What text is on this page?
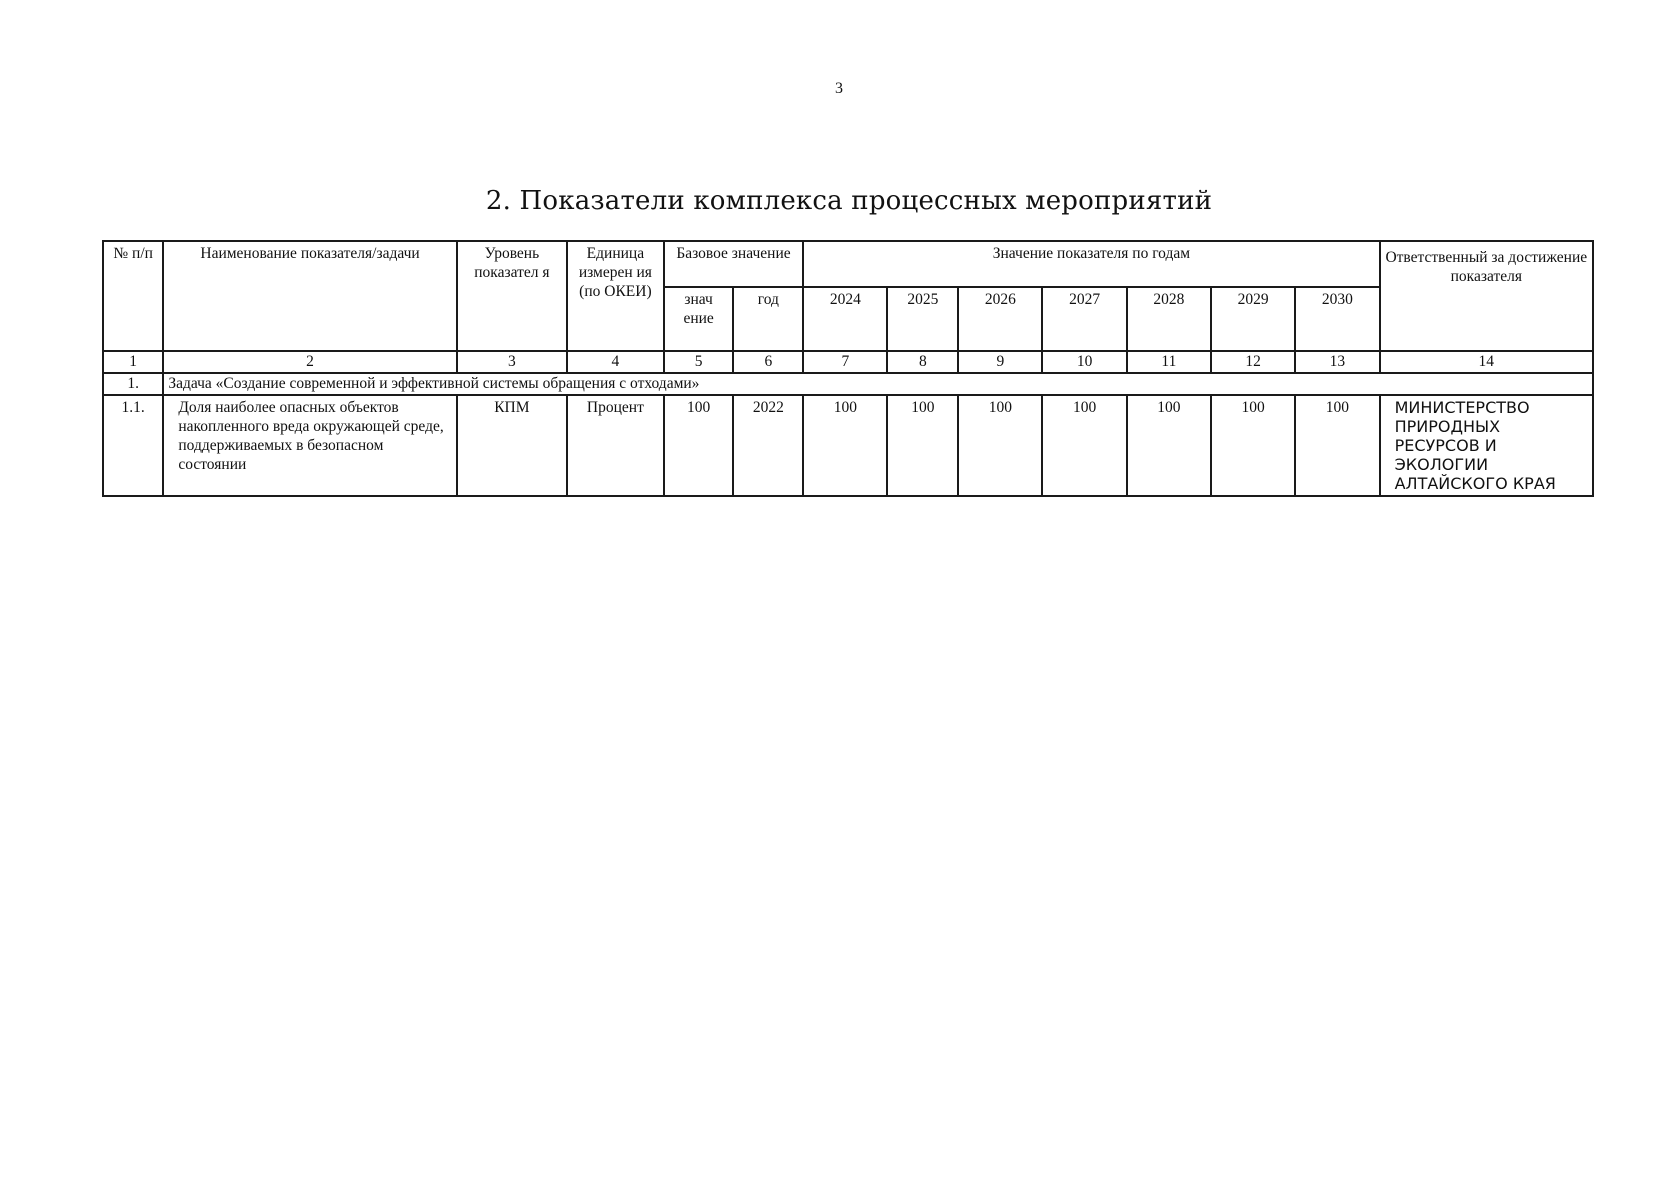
3
2. Показатели комплекса процессных мероприятий
№ п/п	Наименование показателя/задачи	Уровень показател я	Единица измерен ия (по ОКЕИ)	Базовое значение		Значение показателя по годам							Ответственный за достижение показателя
				знач ение	год	2024	2025	2026	2027	2028	2029	2030	
1	2	3	4	5	6	7	8	9	10	11	12	13	14
1.	Задача «Создание современной и эффективной системы обращения с отходами»												
1.1.	Доля наиболее опасных объектов накопленного вреда окружающей среде, поддерживаемых в безопасном состоянии	КПМ	Процент	100	2022	100	100	100	100	100	100	100	МИНИСТЕРСТВО ПРИРОДНЫХ РЕСУРСОВ И ЭКОЛОГИИ АЛТАЙСКОГО КРАЯ
